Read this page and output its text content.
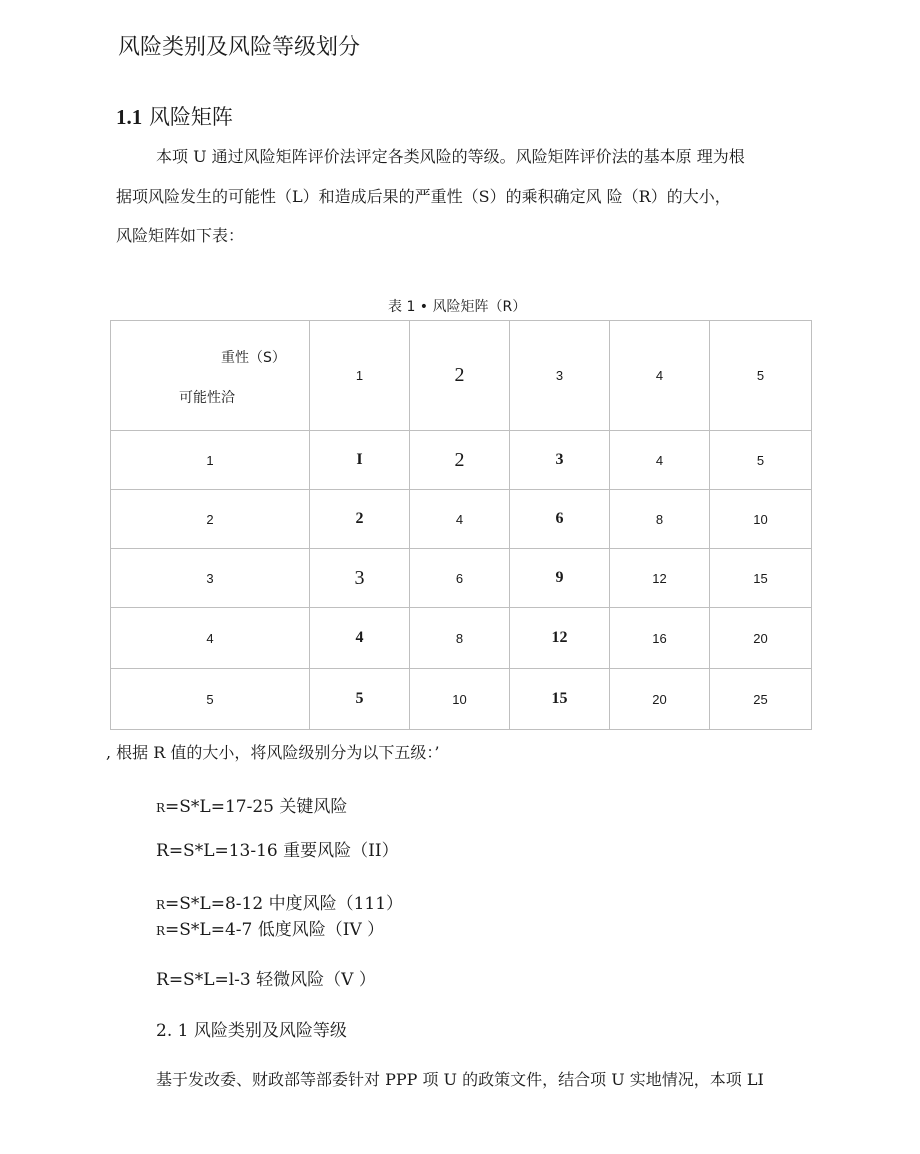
风险类别及风险等级划分
1.1 风险矩阵
本项 U 通过风险矩阵评价法评定各类风险的等级。风险矩阵评价法的基本原 理为根
据项风险发生的可能性（L）和造成后果的严重性（S）的乘积确定风 险（R）的大小，
风险矩阵如下表：
表 1 • 风险矩阵（R）
重性（S）
可能性洽	1	2	3	4	5
1	I	2	3	4	5
2	2	4	6	8	10
3	3	6	9	12	15
4	4	8	12	16	20
5	5	10	15	20	25
, 根据 R 值的大小，将风险级别分为以下五级：’
R=S*L=17-25 关键风险
R=S*L=13-16 重要风险（II）
R=S*L=8-12 中度风险（111）
R=S*L=4-7 低度风险（IV ）
R=S*L=l-3 轻微风险（V ）
2. 1 风险类别及风险等级
基于发改委、财政部等部委针对 PPP 项 U 的政策文件，结合项 U 实地情况，本项 LI
